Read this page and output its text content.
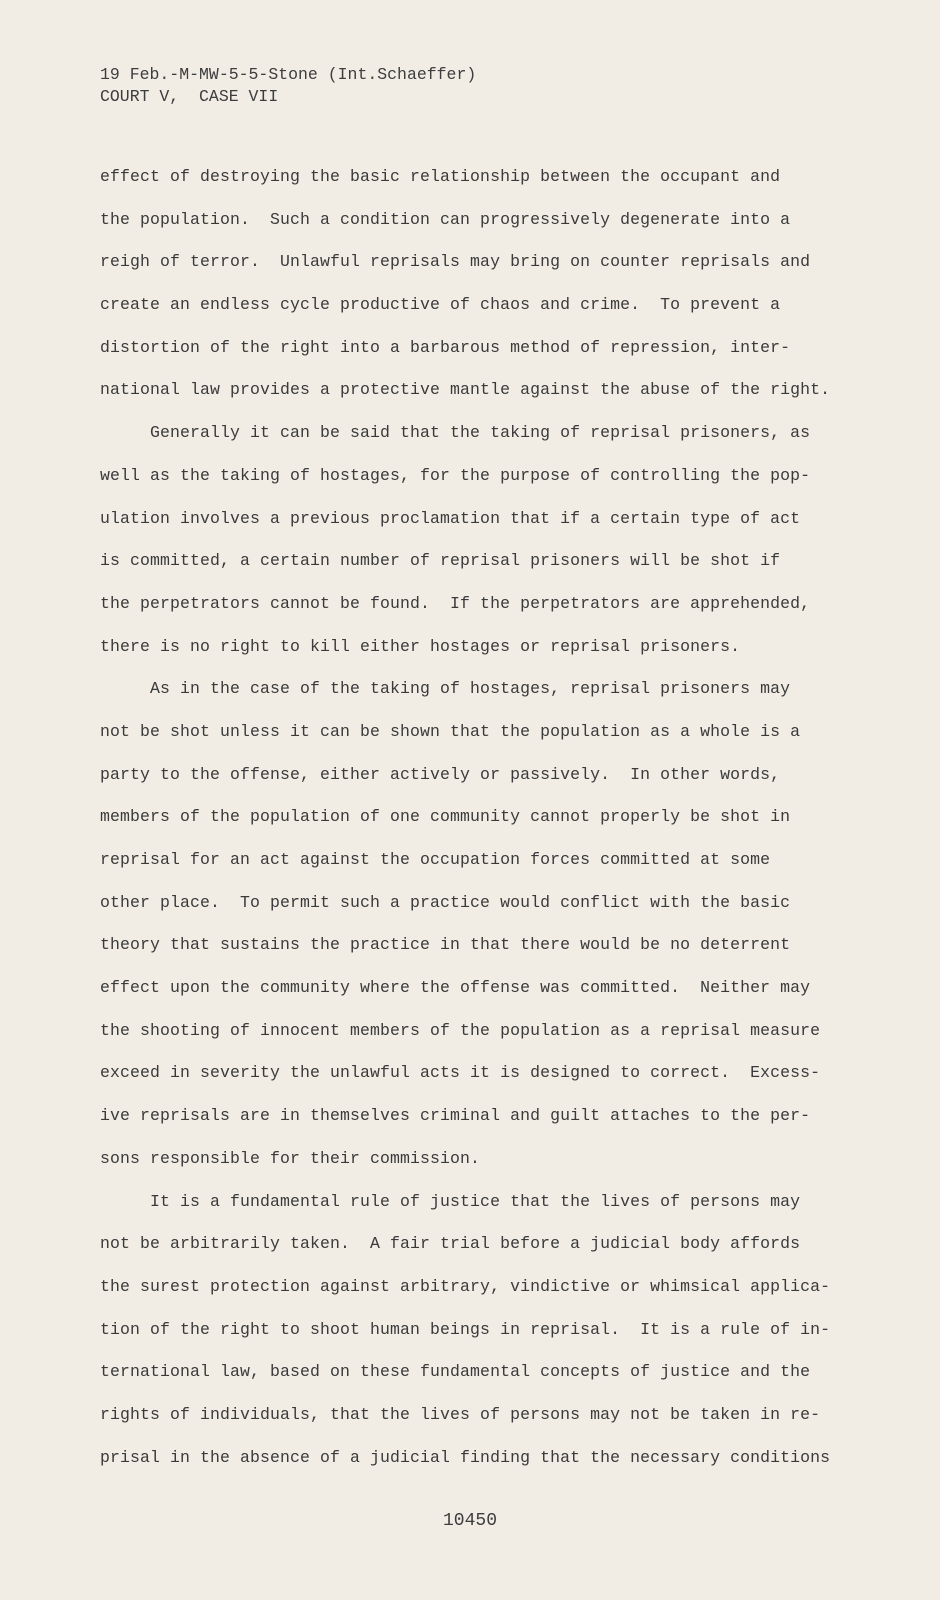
19 Feb.-M-MW-5-5-Stone (Int.Schaeffer)
COURT V,  CASE VII
effect of destroying the basic relationship between the occupant and
the population.  Such a condition can progressively degenerate into a
reigh of terror.  Unlawful reprisals may bring on counter reprisals and
create an endless cycle productive of chaos and crime.  To prevent a
distortion of the right into a barbarous method of repression, inter-
national law provides a protective mantle against the abuse of the right.
Generally it can be said that the taking of reprisal prisoners, as
well as the taking of hostages, for the purpose of controlling the pop-
ulation involves a previous proclamation that if a certain type of act
is committed, a certain number of reprisal prisoners will be shot if
the perpetrators cannot be found.  If the perpetrators are apprehended,
there is no right to kill either hostages or reprisal prisoners.
As in the case of the taking of hostages, reprisal prisoners may
not be shot unless it can be shown that the population as a whole is a
party to the offense, either actively or passively.  In other words,
members of the population of one community cannot properly be shot in
reprisal for an act against the occupation forces committed at some
other place.  To permit such a practice would conflict with the basic
theory that sustains the practice in that there would be no deterrent
effect upon the community where the offense was committed.  Neither may
the shooting of innocent members of the population as a reprisal measure
exceed in severity the unlawful acts it is designed to correct.  Excess-
ive reprisals are in themselves criminal and guilt attaches to the per-
sons responsible for their commission.
It is a fundamental rule of justice that the lives of persons may
not be arbitrarily taken.  A fair trial before a judicial body affords
the surest protection against arbitrary, vindictive or whimsical applica-
tion of the right to shoot human beings in reprisal.  It is a rule of in-
ternational law, based on these fundamental concepts of justice and the
rights of individuals, that the lives of persons may not be taken in re-
prisal in the absence of a judicial finding that the necessary conditions
10450
